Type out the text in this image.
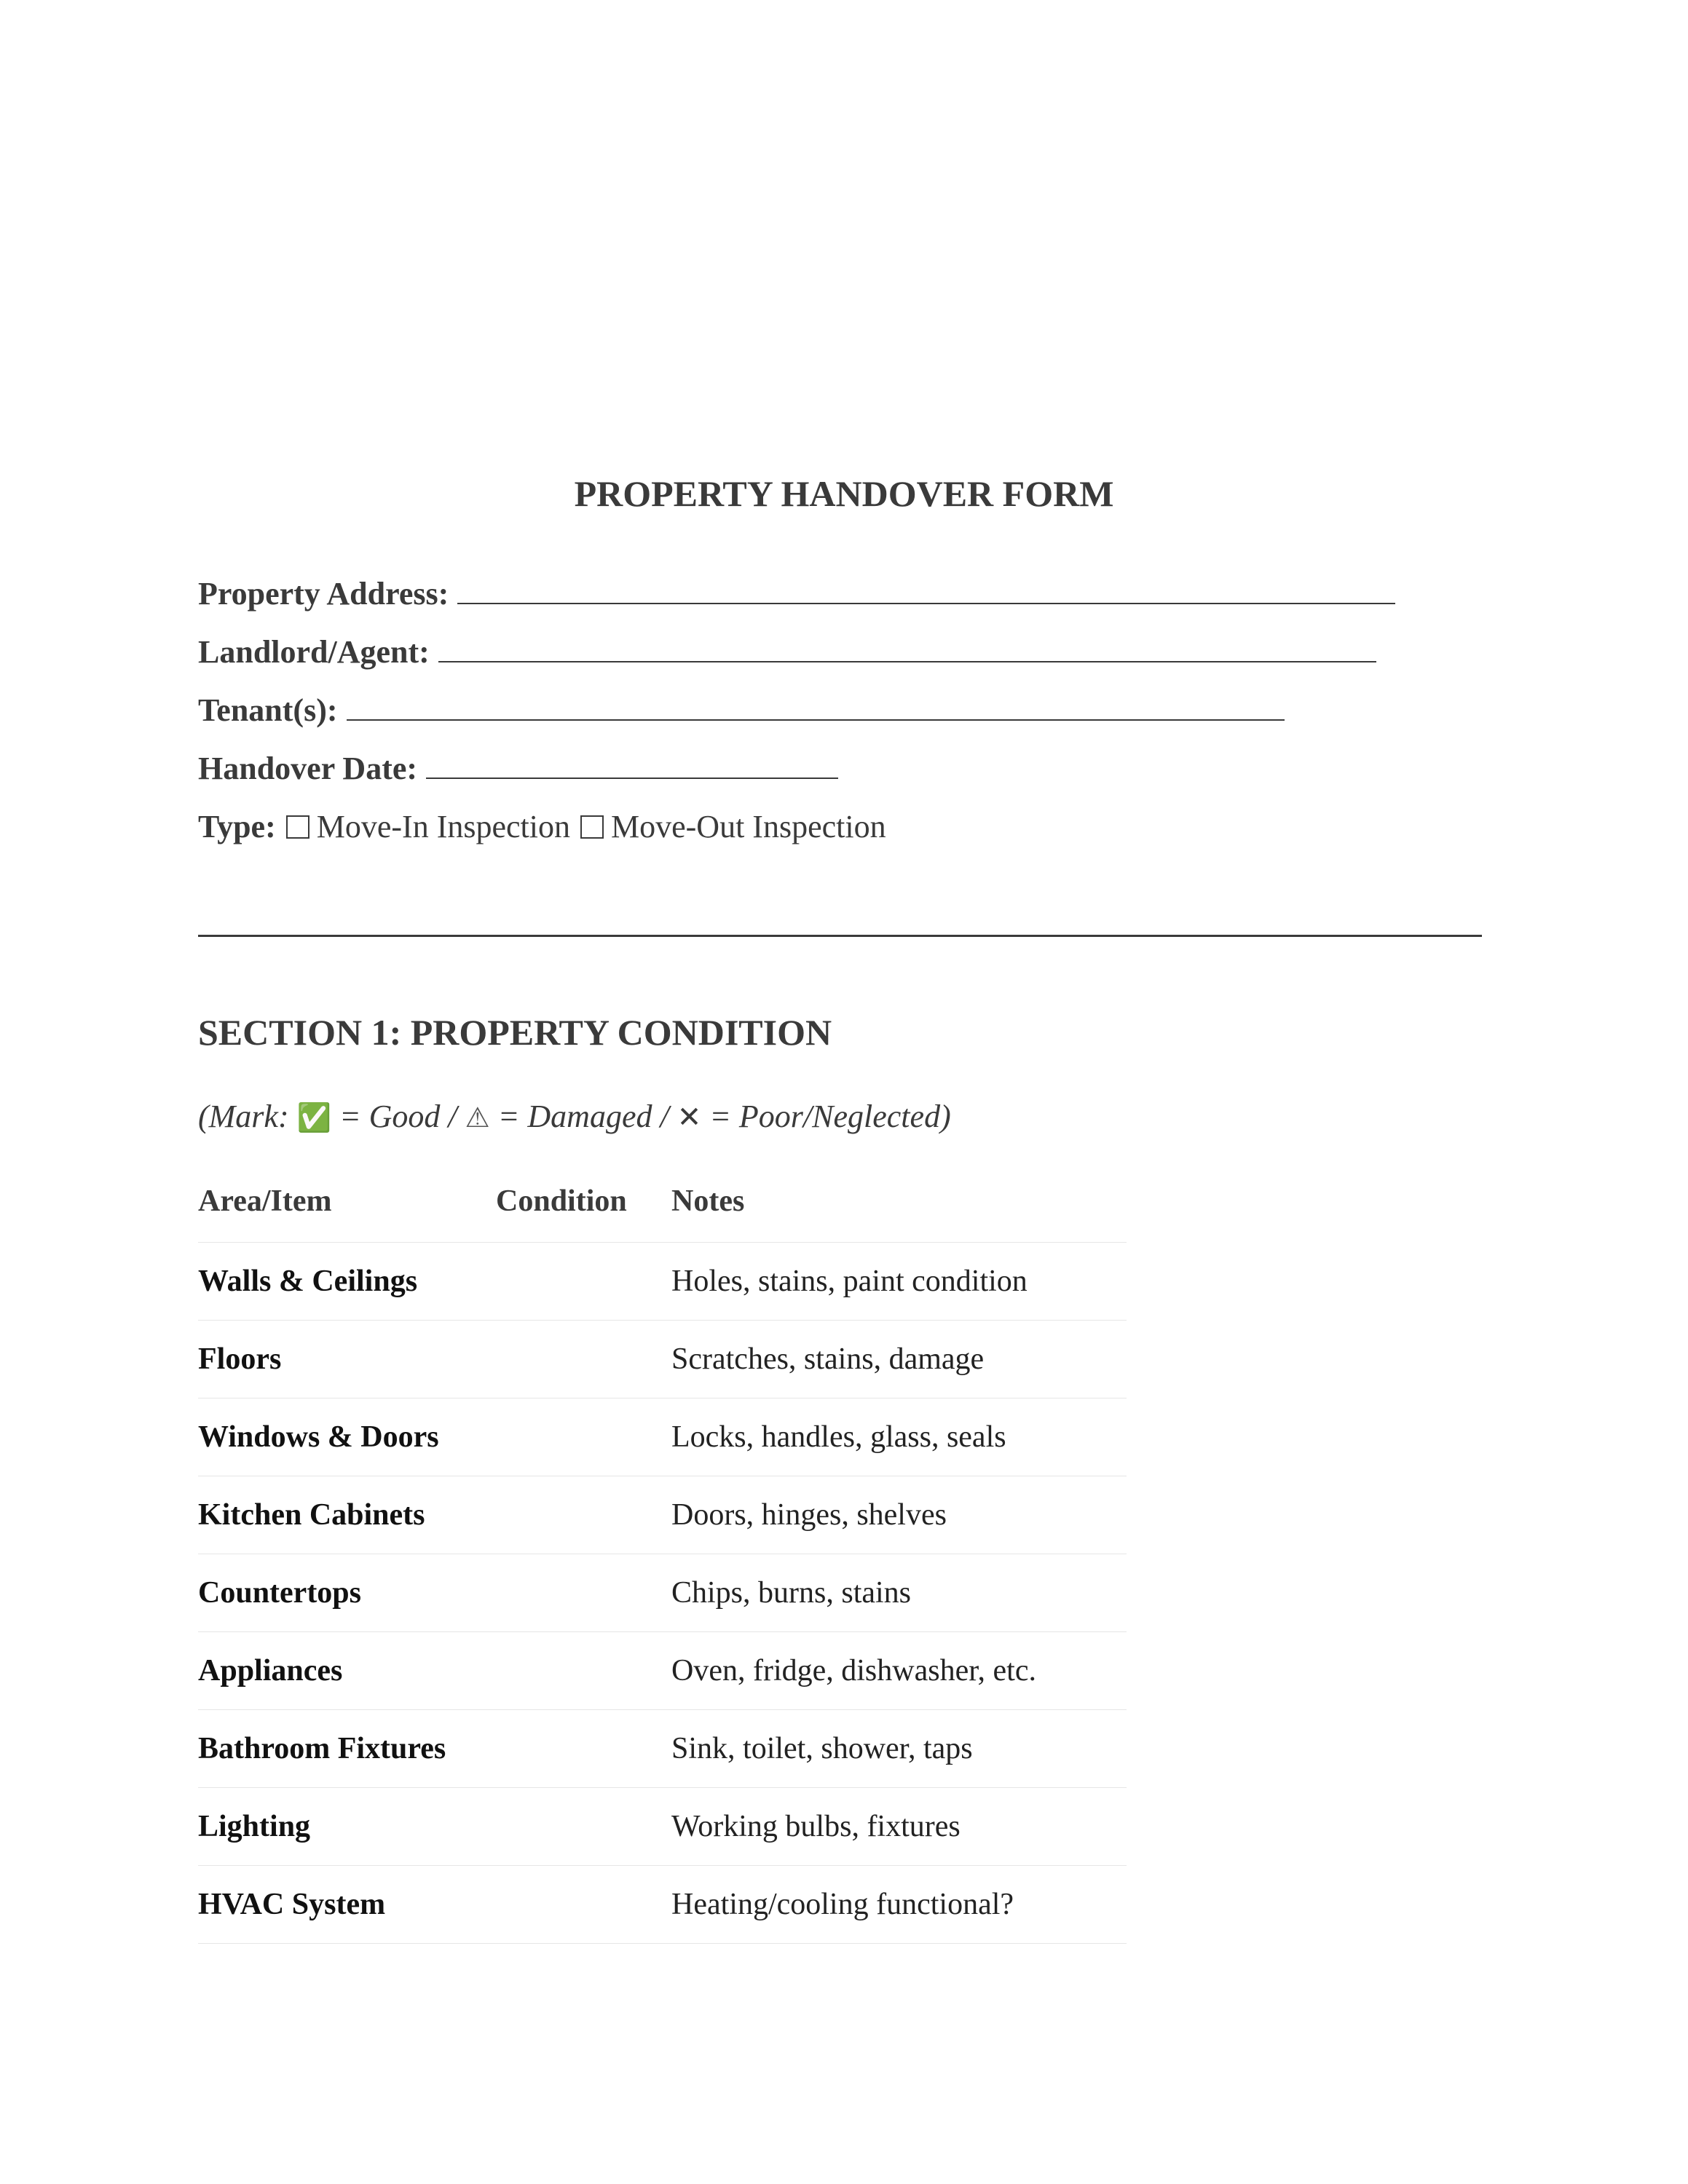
PROPERTY HANDOVER FORM
Property Address:
Landlord/Agent:
Tenant(s):
Handover Date:
Type: Move-In Inspection Move-Out Inspection
SECTION 1: PROPERTY CONDITION
(Mark: ✅ = Good / ⚠ = Damaged / ✕ = Poor/Neglected)
Area/Item	Condition	Notes
Walls & Ceilings		Holes, stains, paint condition
Floors		Scratches, stains, damage
Windows & Doors		Locks, handles, glass, seals
Kitchen Cabinets		Doors, hinges, shelves
Countertops		Chips, burns, stains
Appliances		Oven, fridge, dishwasher, etc.
Bathroom Fixtures		Sink, toilet, shower, taps
Lighting		Working bulbs, fixtures
HVAC System		Heating/cooling functional?
